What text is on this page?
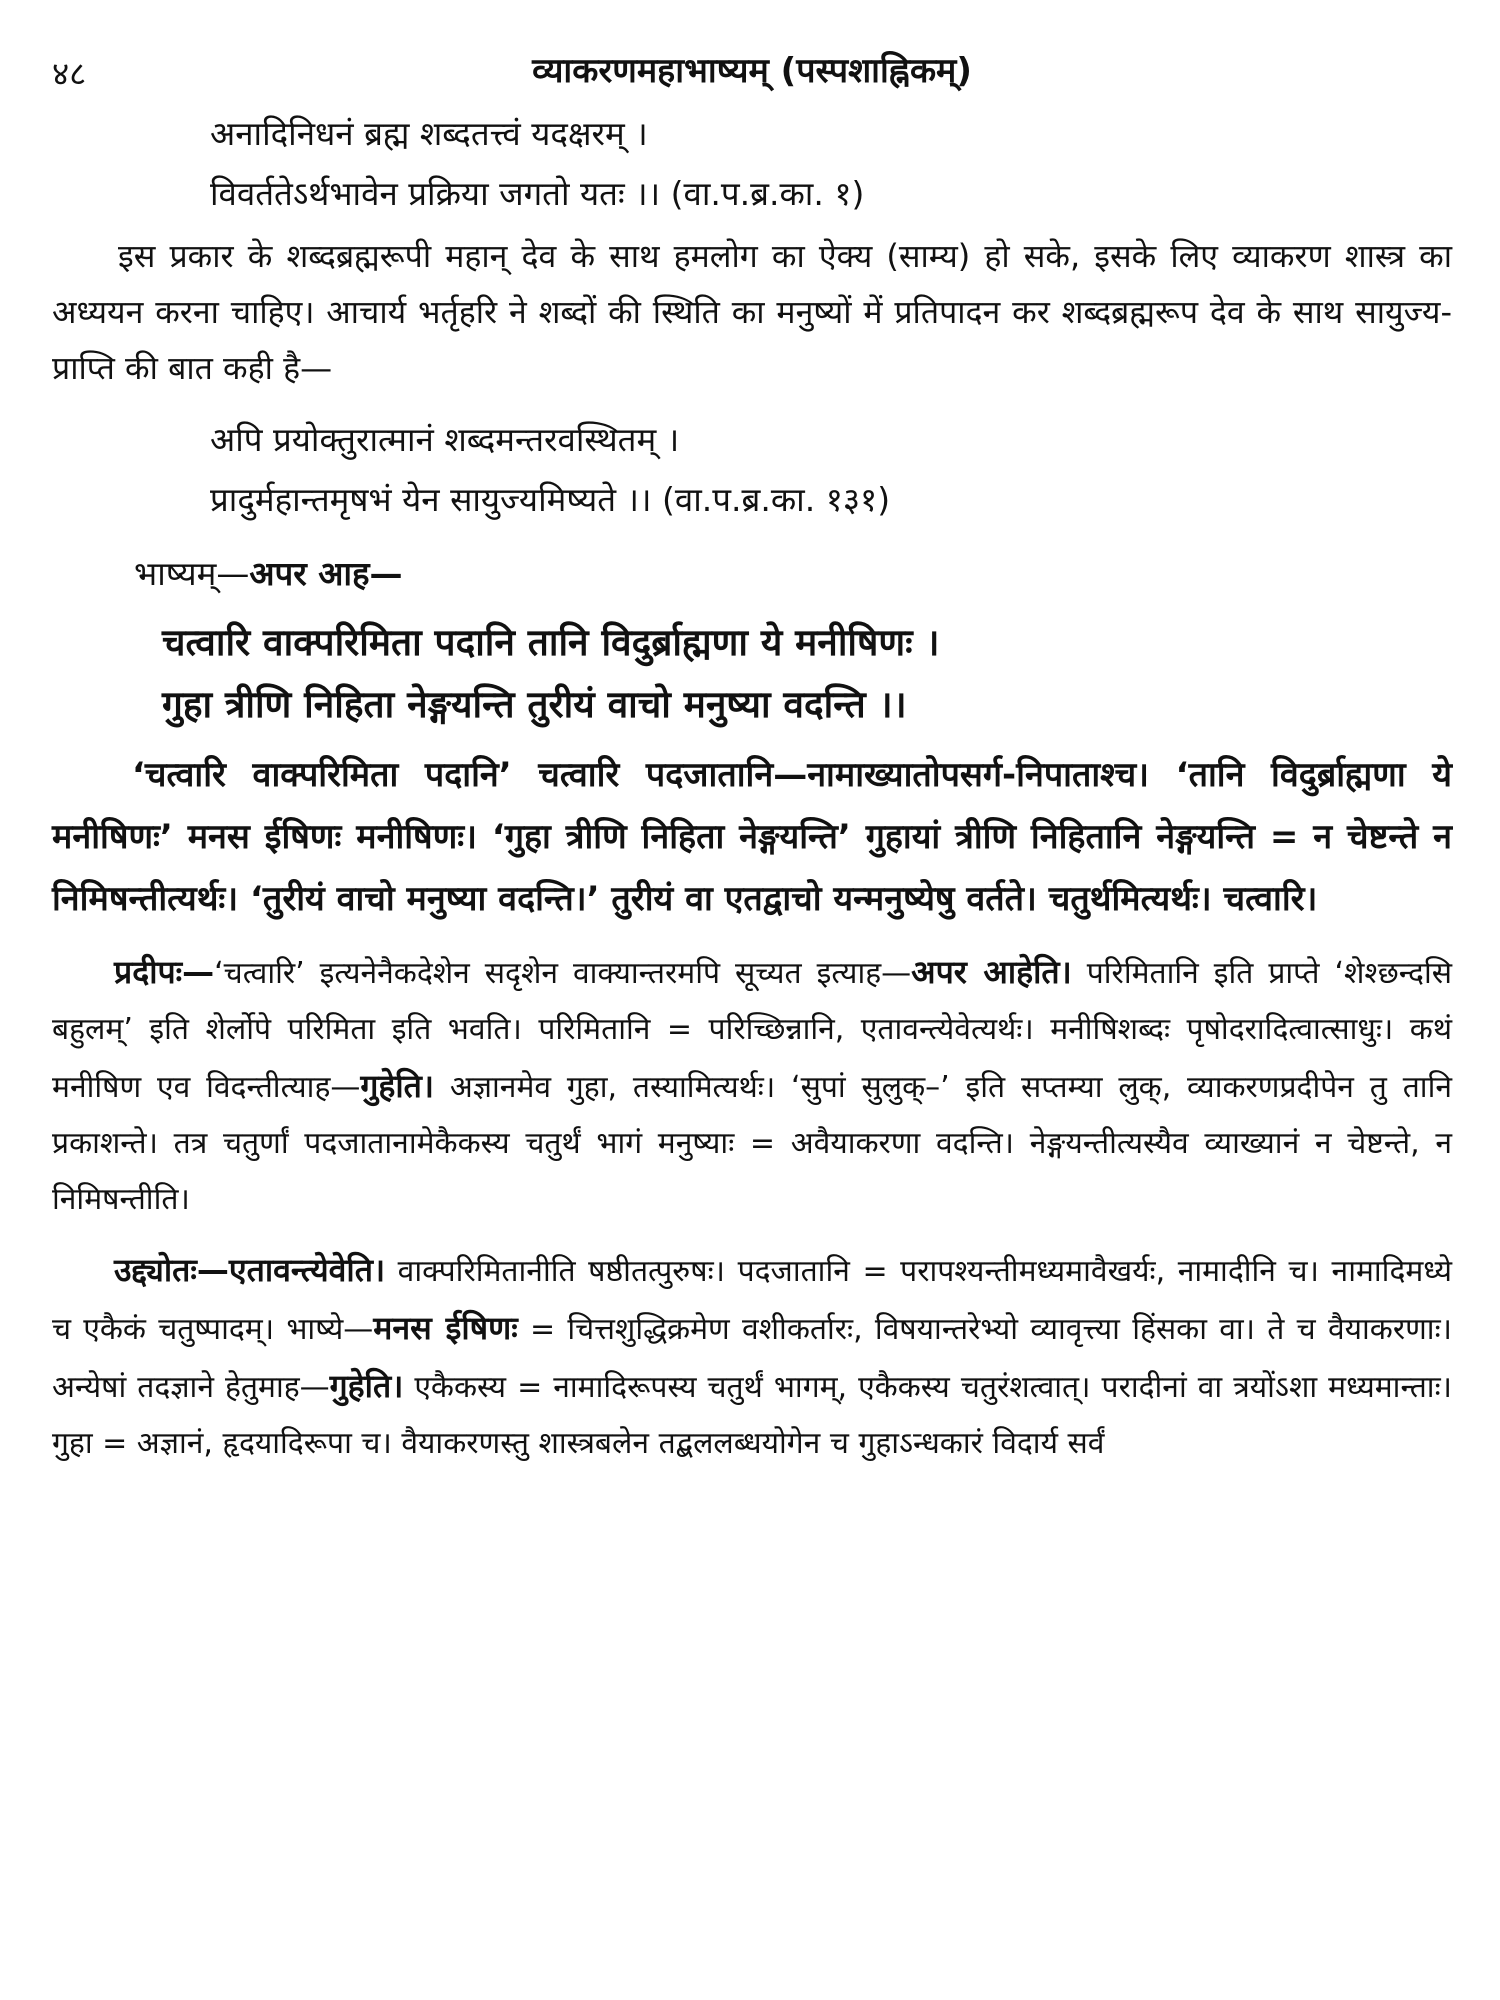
४८	व्याकरणमहाभाष्यम् (पस्पशाह्निकम्)
अनादिनिधनं ब्रह्म शब्दतत्त्वं यदक्षरम् ।
विवर्ततेऽर्थभावेन प्रक्रिया जगतो यतः ।। (वा.प.ब्र.का. १)

इस प्रकार के शब्दब्रह्मरूपी महान् देव के साथ हमलोग का ऐक्य (साम्य) हो सके, इसके लिए व्याकरण शास्त्र का अध्ययन करना चाहिए। आचार्य भर्तृहरि ने शब्दों की स्थिति का मनुष्यों में प्रतिपादन कर शब्दब्रह्मरूप देव के साथ सायुज्य-प्राप्ति की बात कही है—

अपि प्रयोक्तुरात्मानं शब्दमन्तरवस्थितम् ।
प्रादुर्महान्तमृषभं येन सायुज्यमिष्यते ।। (वा.प.ब्र.का. १३१)
भाष्यम्—अपर आह—
चत्वारि वाक्परिमिता पदानि तानि विदुर्ब्राह्मणा ये मनीषिणः ।
गुहा त्रीणि निहिता नेङ्गयन्ति तुरीयं वाचो मनुष्या वदन्ति ।।

‘चत्वारि वाक्परिमिता पदानि’ चत्वारि पदजातानि—नामाख्यातोपसर्ग-निपाताश्च। ‘तानि विदुर्ब्राह्मणा ये मनीषिणः’ मनस ईषिणः मनीषिणः। ‘गुहा त्रीणि निहिता नेङ्गयन्ति’ गुहायां त्रीणि निहितानि नेङ्गयन्ति = न चेष्टन्ते न निमिषन्तीत्यर्थः। ‘तुरीयं वाचो मनुष्या वदन्ति।’ तुरीयं वा एतद्वाचो यन्मनुष्येषु वर्तते। चतुर्थमित्यर्थः। चत्वारि।

प्रदीपः—‘चत्वारि’ इत्यनेनैकदेशेन सदृशेन वाक्यान्तरमपि सूच्यत इत्याह—अपर आहेति। परिमितानि इति प्राप्ते ‘शेश्छन्दसि बहुलम्’ इति शेर्लोपे परिमिता इति भवति। परिमितानि = परिच्छिन्नानि, एतावन्त्येवेत्यर्थः। मनीषिशब्दः पृषोदरादित्वात्साधुः। कथं मनीषिण एव विदन्तीत्याह—गुहेति। अज्ञानमेव गुहा, तस्यामित्यर्थः। ‘सुपां सुलुक्–’ इति सप्तम्या लुक्, व्याकरणप्रदीपेन तु तानि प्रकाशन्ते। तत्र चतुर्णां पदजातानामेकैकस्य चतुर्थं भागं मनुष्याः = अवैयाकरणा वदन्ति। नेङ्गयन्तीत्यस्यैव व्याख्यानं न चेष्टन्ते, न निमिषन्तीति।

उद्द्योतः—एतावन्त्येवेति। वाक्परिमितानीति षष्ठीतत्पुरुषः। पदजातानि = परापश्यन्तीमध्यमावैखर्यः, नामादीनि च। नामादिमध्ये च एकैकं चतुष्पादम्। भाष्ये—मनस ईषिणः = चित्तशुद्धिक्रमेण वशीकर्तारः, विषयान्तरेभ्यो व्यावृत्त्या हिंसका वा। ते च वैयाकरणाः। अन्येषां तदज्ञाने हेतुमाह—गुहेति। एकैकस्य = नामादिरूपस्य चतुर्थं भागम्, एकैकस्य चतुरंशत्वात्। परादीनां वा त्रयोंऽशा मध्यमान्ताः। गुहा = अज्ञानं, हृदयादिरूपा च। वैयाकरणस्तु शास्त्रबलेन तद्बललब्धयोगेन च गुहाऽन्धकारं विदार्य सर्वं
